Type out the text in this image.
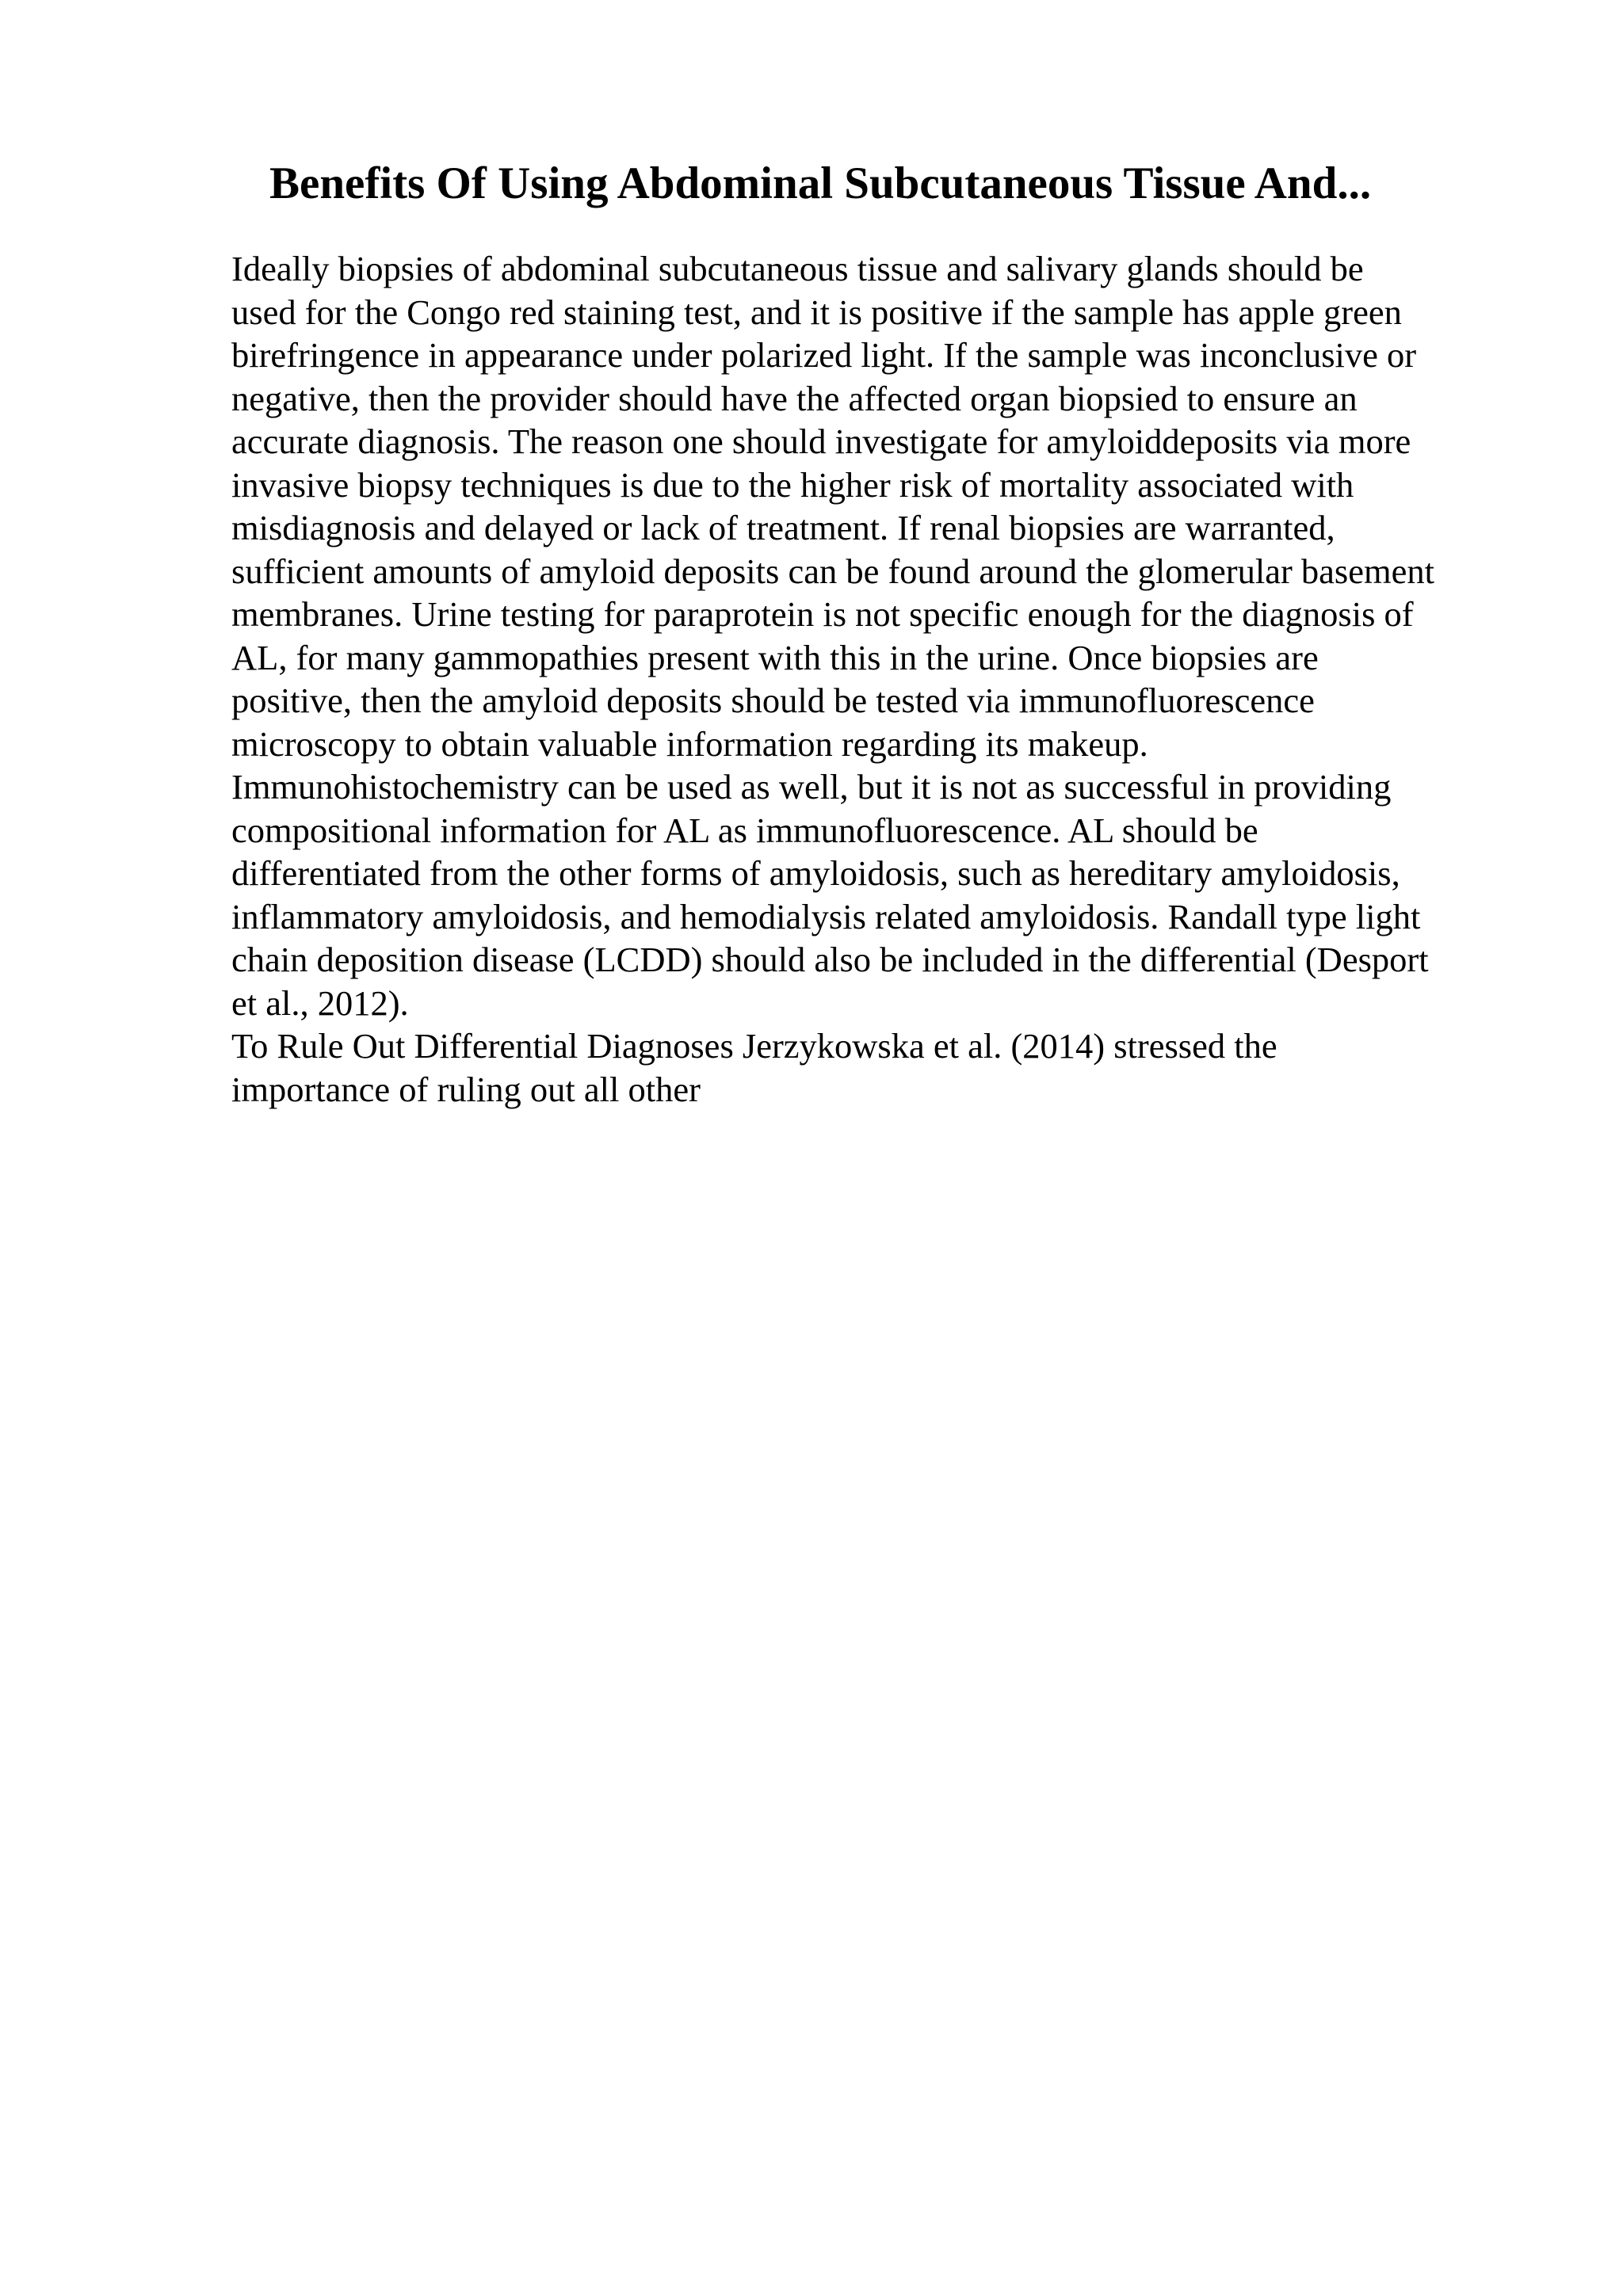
Benefits Of Using Abdominal Subcutaneous Tissue And...
Ideally biopsies of abdominal subcutaneous tissue and salivary glands should be
used for the Congo red staining test, and it is positive if the sample has apple green
birefringence in appearance under polarized light. If the sample was inconclusive or
negative, then the provider should have the affected organ biopsied to ensure an
accurate diagnosis. The reason one should investigate for amyloiddeposits via more
invasive biopsy techniques is due to the higher risk of mortality associated with
misdiagnosis and delayed or lack of treatment. If renal biopsies are warranted,
sufficient amounts of amyloid deposits can be found around the glomerular basement
membranes. Urine testing for paraprotein is not specific enough for the diagnosis of
AL, for many gammopathies present with this in the urine. Once biopsies are
positive, then the amyloid deposits should be tested via immunofluorescence
microscopy to obtain valuable information regarding its makeup.
Immunohistochemistry can be used as well, but it is not as successful in providing
compositional information for AL as immunofluorescence. AL should be
differentiated from the other forms of amyloidosis, such as hereditary amyloidosis,
inflammatory amyloidosis, and hemodialysis related amyloidosis. Randall type light
chain deposition disease (LCDD) should also be included in the differential (Desport
et al., 2012).
To Rule Out Differential Diagnoses Jerzykowska et al. (2014) stressed the
importance of ruling out all other
